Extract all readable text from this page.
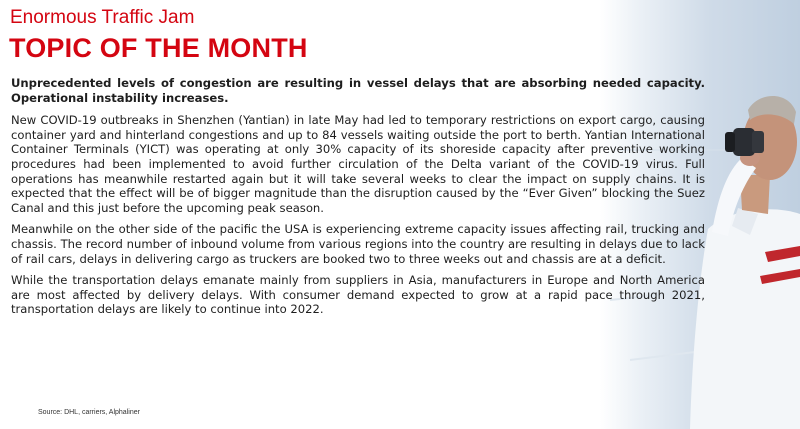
Enormous Traffic Jam
TOPIC OF THE MONTH

Unprecedented levels of congestion are resulting in vessel delays that are absorbing needed capacity. Operational instability increases.

New COVID-19 outbreaks in Shenzhen (Yantian) in late May had led to temporary restrictions on export cargo, causing container yard and hinterland congestions and up to 84 vessels waiting outside the port to berth. Yantian International Container Terminals (YICT) was operating at only 30% capacity of its shoreside capacity after preventive working procedures had been implemented to avoid further circulation of the Delta variant of the COVID-19 virus. Full operations has meanwhile restarted again but it will take several weeks to clear the impact on supply chains. It is expected that the effect will be of bigger magnitude than the disruption caused by the “Ever Given” blocking the Suez Canal and this just before the upcoming peak season.

Meanwhile on the other side of the pacific the USA is experiencing extreme capacity issues affecting rail, trucking and chassis. The record number of inbound volume from various regions into the country are resulting in delays due to lack of rail cars, delays in delivering cargo as truckers are booked two to three weeks out and chassis are at a deficit.

While the transportation delays emanate mainly from suppliers in Asia, manufacturers in Europe and North America are most affected by delivery delays. With consumer demand expected to grow at a rapid pace through 2021, transportation delays are likely to continue into 2022.

Source: DHL, carriers, Alphaliner
